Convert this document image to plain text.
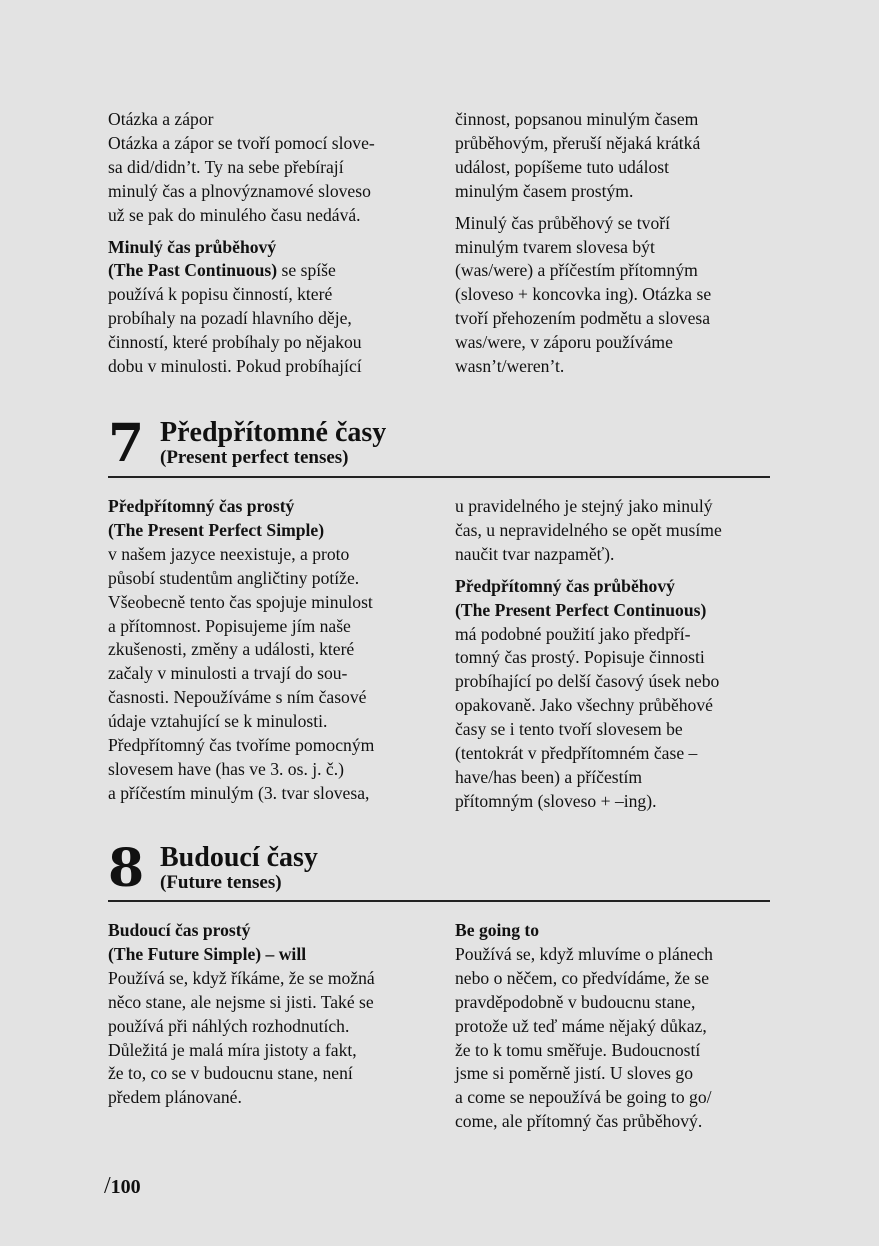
Otázka a zápor
Otázka a zápor se tvoří pomocí slove-
sa did/didn’t. Ty na sebe přebírají
minulý čas a plnovýznamové sloveso
už se pak do minulého času nedává.

Minulý čas průběhový
(The Past Continuous) se spíše
používá k popisu činností, které
probíhaly na pozadí hlavního děje,
činností, které probíhaly po nějakou
dobu v minulosti. Pokud probíhající

činnost, popsanou minulým časem
průběhovým, přeruší nějaká krátká
událost, popíšeme tuto událost
minulým časem prostým.

Minulý čas průběhový se tvoří
minulým tvarem slovesa být
(was/were) a příčestím přítomným
(sloveso + koncovka ing). Otázka se
tvoří přehozením podmětu a slovesa
was/were, v záporu používáme
wasn’t/weren’t.

7 Předpřítomné časy
(Present perfect tenses)

Předpřítomný čas prostý
(The Present Perfect Simple)
v našem jazyce neexistuje, a proto
působí studentům angličtiny potíže.
Všeobecně tento čas spojuje minulost
a přítomnost. Popisujeme jím naše
zkušenosti, změny a události, které
začaly v minulosti a trvají do sou-
časnosti. Nepoužíváme s ním časové
údaje vztahující se k minulosti.
Předpřítomný čas tvoříme pomocným
slovesem have (has ve 3. os. j. č.)
a příčestím minulým (3. tvar slovesa,

u pravidelného je stejný jako minulý
čas, u nepravidelného se opět musíme
naučit tvar nazpaměť).

Předpřítomný čas průběhový
(The Present Perfect Continuous)
má podobné použití jako předpří-
tomný čas prostý. Popisuje činnosti
probíhající po delší časový úsek nebo
opakovaně. Jako všechny průběhové
časy se i tento tvoří slovesem be
(tentokrát v předpřítomném čase –
have/has been) a příčestím
přítomným (sloveso + –ing).

8 Budoucí časy
(Future tenses)

Budoucí čas prostý
(The Future Simple) – will
Používá se, když říkáme, že se možná
něco stane, ale nejsme si jisti. Také se
používá při náhlých rozhodnutích.
Důležitá je malá míra jistoty a fakt,
že to, co se v budoucnu stane, není
předem plánované.

Be going to
Používá se, když mluvíme o plánech
nebo o něčem, co předvídáme, že se
pravděpodobně v budoucnu stane,
protože už teď máme nějaký důkaz,
že to k tomu směřuje. Budoucností
jsme si poměrně jistí. U sloves go
a come se nepoužívá be going to go/
come, ale přítomný čas průběhový.

/100
